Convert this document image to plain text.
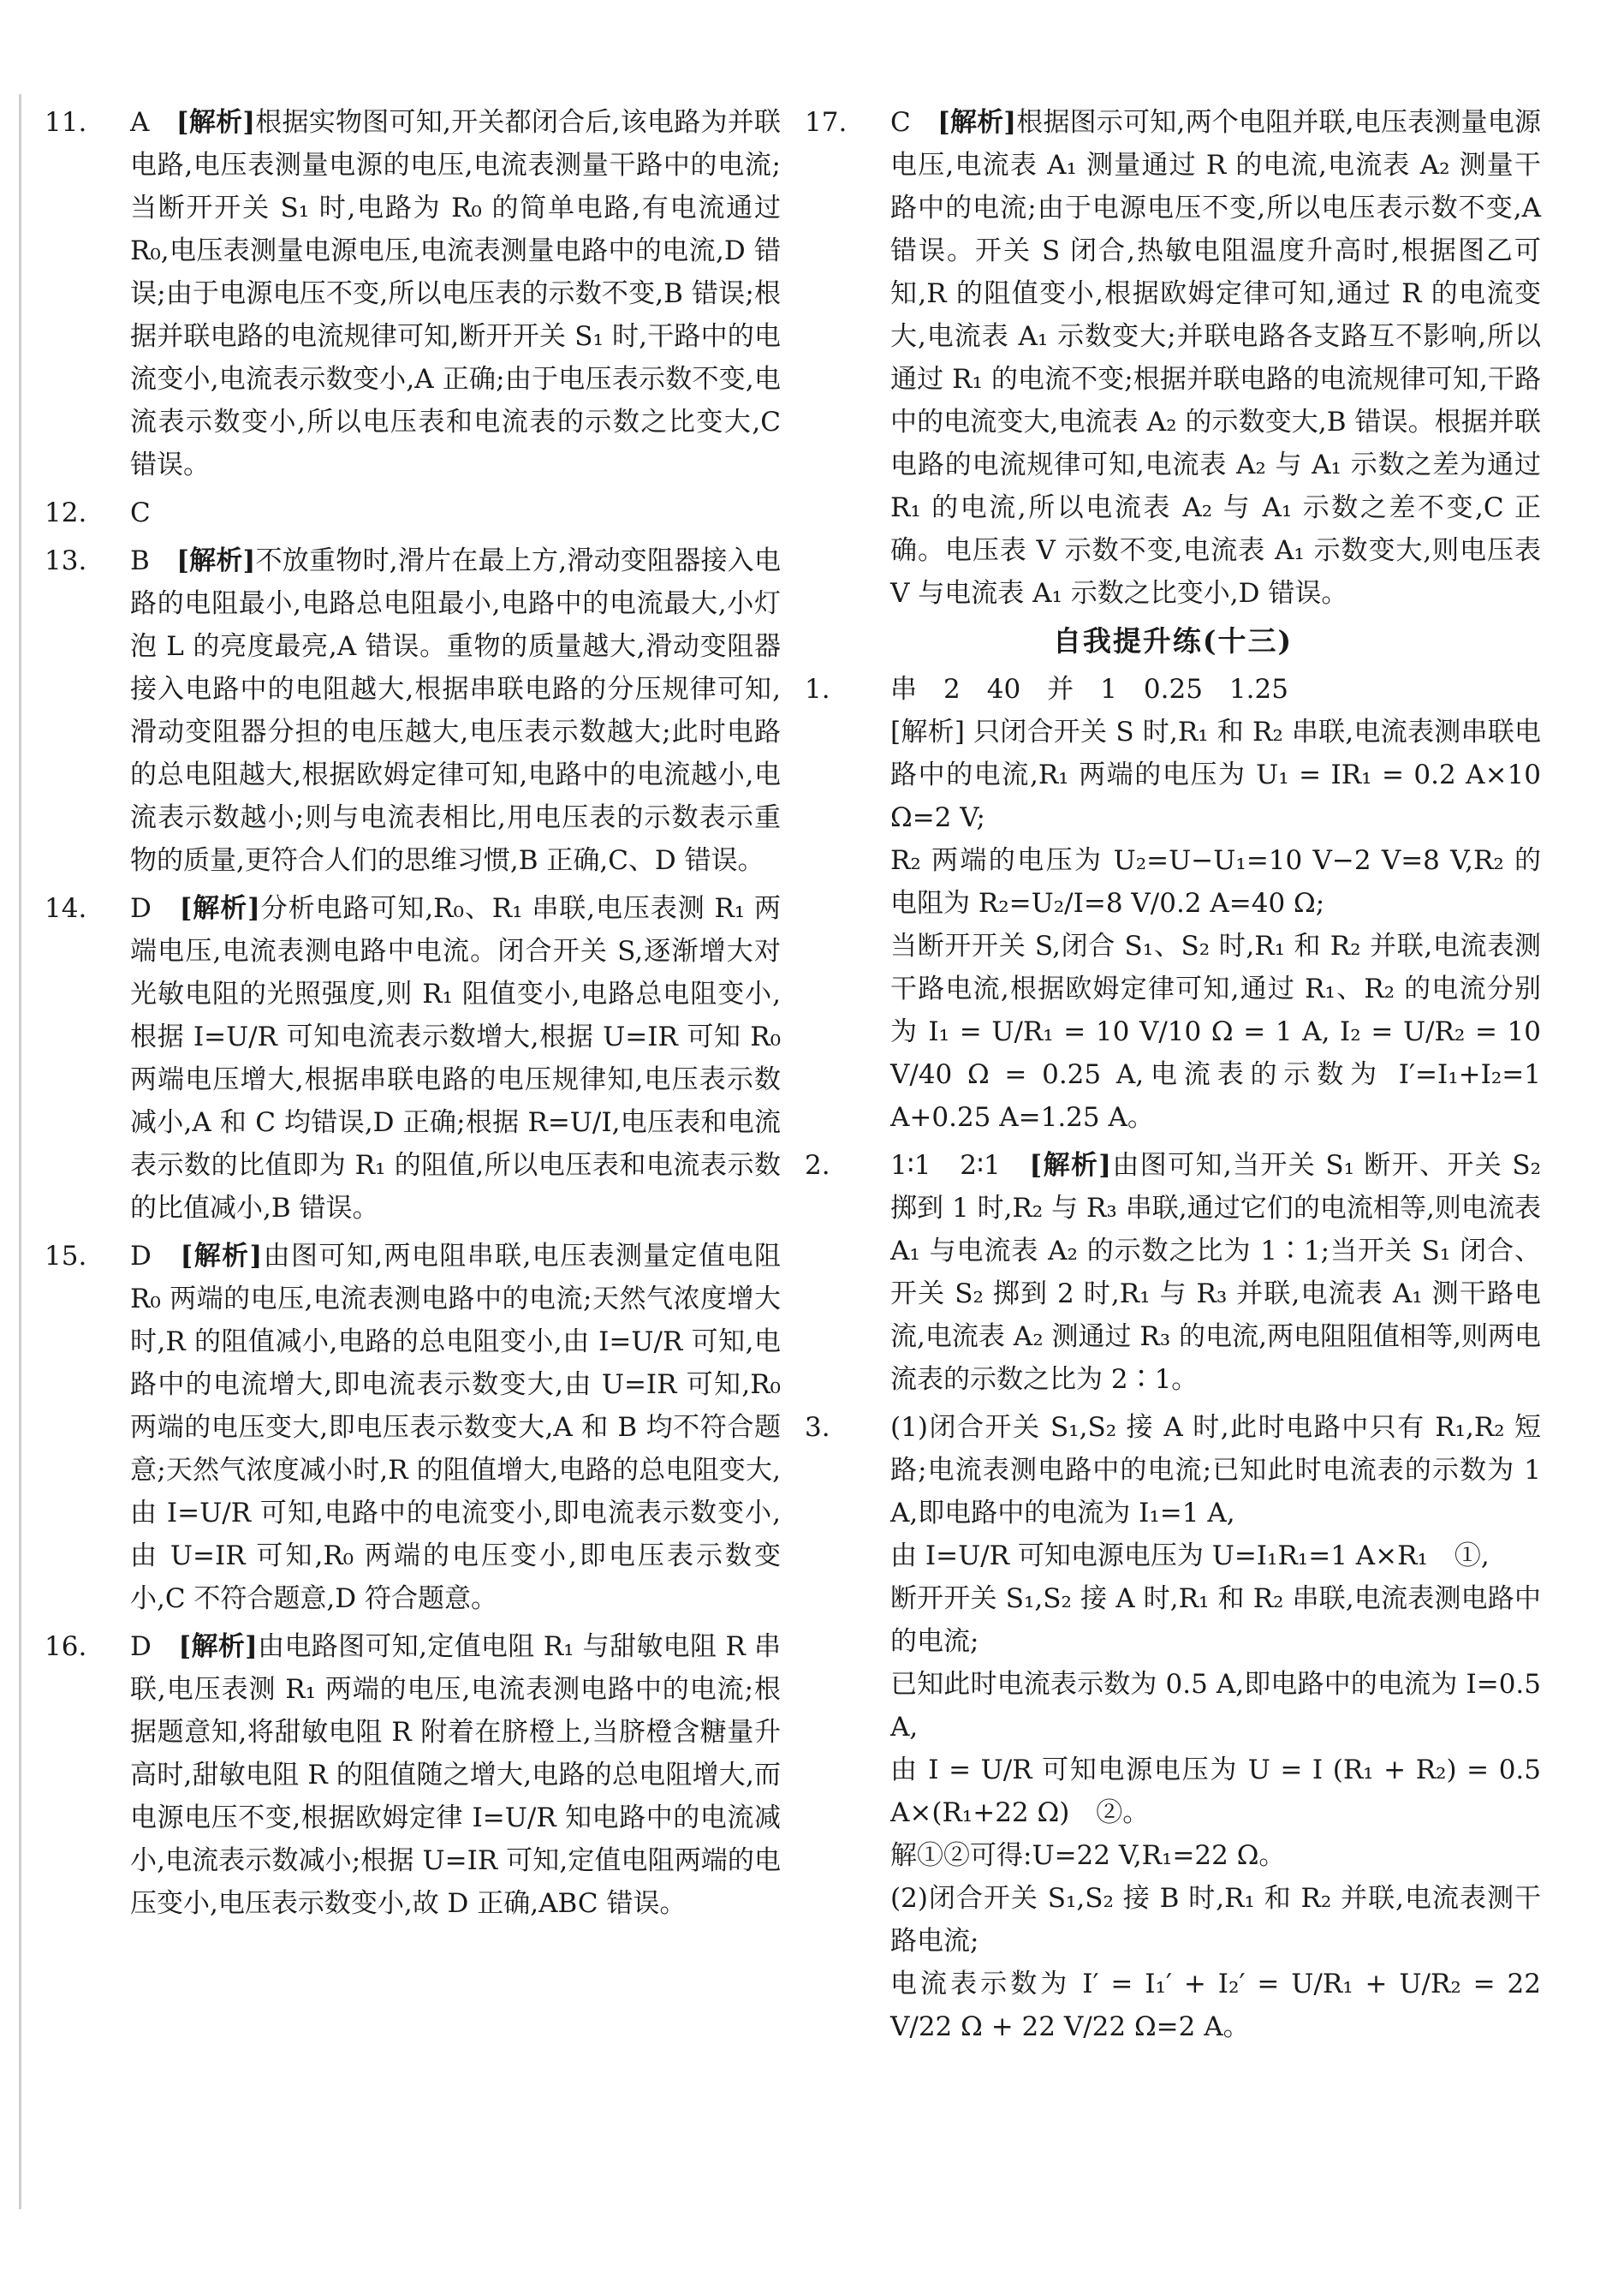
11.	A　 [解析]根据实物图可知,开关都闭合后,该电路为并联电路,电压表测量电源的电压,电流表测量干路中的电流;当断开开关 S₁ 时,电路为 R₀ 的简单电路,有电流通过 R₀,电压表测量电源电压,电流表测量电路中的电流,D 错误;由于电源电压不变,所以电压表的示数不变,B 错误;根据并联电路的电流规律可知,断开开关 S₁ 时,干路中的电流变小,电流表示数变小,A 正确;由于电压表示数不变,电流表示数变小,所以电压表和电流表的示数之比变大,C 错误。
12.	C
13.	B　 [解析]不放重物时,滑片在最上方,滑动变阻器接入电路的电阻最小,电路总电阻最小,电路中的电流最大,小灯泡 L 的亮度最亮,A 错误。重物的质量越大,滑动变阻器接入电路中的电阻越大,根据串联电路的分压规律可知,滑动变阻器分担的电压越大,电压表示数越大;此时电路的总电阻越大,根据欧姆定律可知,电路中的电流越小,电流表示数越小;则与电流表相比,用电压表的示数表示重物的质量,更符合人们的思维习惯,B 正确,C、D 错误。
14.	D　 [解析]分析电路可知,R₀、R₁ 串联,电压表测 R₁ 两端电压,电流表测电路中电流。闭合开关 S,逐渐增大对光敏电阻的光照强度,则 R₁ 阻值变小,电路总电阻变小,根据 I=U/R 可知电流表示数增大,根据 U=IR 可知 R₀ 两端电压增大,根据串联电路的电压规律知,电压表示数减小,A 和 C 均错误,D 正确;根据 R=U/I,电压表和电流表示数的比值即为 R₁ 的阻值,所以电压表和电流表示数的比值减小,B 错误。
15.	D　 [解析]由图可知,两电阻串联,电压表测量定值电阻 R₀ 两端的电压,电流表测电路中的电流;天然气浓度增大时,R 的阻值减小,电路的总电阻变小,由 I=U/R 可知,电路中的电流增大,即电流表示数变大,由 U=IR 可知,R₀ 两端的电压变大,即电压表示数变大,A 和 B 均不符合题意;天然气浓度减小时,R 的阻值增大,电路的总电阻变大,由 I=U/R 可知,电路中的电流变小,即电流表示数变小,由 U=IR 可知,R₀ 两端的电压变小,即电压表示数变小,C 不符合题意,D 符合题意。
16.	D　 [解析]由电路图可知,定值电阻 R₁ 与甜敏电阻 R 串联,电压表测 R₁ 两端的电压,电流表测电路中的电流;根据题意知,将甜敏电阻 R 附着在脐橙上,当脐橙含糖量升高时,甜敏电阻 R 的阻值随之增大,电路的总电阻增大,而电源电压不变,根据欧姆定律 I=U/R 知电路中的电流减小,电流表示数减小;根据 U=IR 可知,定值电阻两端的电压变小,电压表示数变小,故 D 正确,ABC 错误。
17.	C　 [解析]根据图示可知,两个电阻并联,电压表测量电源电压,电流表 A₁ 测量通过 R 的电流,电流表 A₂ 测量干路中的电流;由于电源电压不变,所以电压表示数不变,A 错误。开关 S 闭合,热敏电阻温度升高时,根据图乙可知,R 的阻值变小,根据欧姆定律可知,通过 R 的电流变大,电流表 A₁ 示数变大;并联电路各支路互不影响,所以通过 R₁ 的电流不变;根据并联电路的电流规律可知,干路中的电流变大,电流表 A₂ 的示数变大,B 错误。根据并联电路的电流规律可知,电流表 A₂ 与 A₁ 示数之差为通过 R₁ 的电流,所以电流表 A₂ 与 A₁ 示数之差不变,C 正确。电压表 V 示数不变,电流表 A₁ 示数变大,则电压表 V 与电流表 A₁ 示数之比变小,D 错误。
自我提升练(十三)
1.	串　2　40　并　1　0.25　1.25
[解析] 只闭合开关 S 时,R₁ 和 R₂ 串联,电流表测串联电路中的电流,R₁ 两端的电压为 U₁ = IR₁ = 0.2 A×10 Ω=2 V;
R₂ 两端的电压为 U₂=U−U₁=10 V−2 V=8 V,R₂ 的电阻为 R₂=U₂/I=8 V/0.2 A=40 Ω;
当断开开关 S,闭合 S₁、S₂ 时,R₁ 和 R₂ 并联,电流表测干路电流,根据欧姆定律可知,通过 R₁、R₂ 的电流分别为 I₁ = U/R₁ = 10 V/10 Ω = 1 A, I₂ = U/R₂ = 10 V/40 Ω = 0.25 A,电流表的示数为 I′=I₁+I₂=1 A+0.25 A=1.25 A。
2.	1∶1　2∶1　 [解析]由图可知,当开关 S₁ 断开、开关 S₂ 掷到 1 时,R₂ 与 R₃ 串联,通过它们的电流相等,则电流表 A₁ 与电流表 A₂ 的示数之比为 1∶1;当开关 S₁ 闭合、开关 S₂ 掷到 2 时,R₁ 与 R₃ 并联,电流表 A₁ 测干路电流,电流表 A₂ 测通过 R₃ 的电流,两电阻阻值相等,则两电流表的示数之比为 2∶1。
3.	(1)闭合开关 S₁,S₂ 接 A 时,此时电路中只有 R₁,R₂ 短路;电流表测电路中的电流;已知此时电流表的示数为 1 A,即电路中的电流为 I₁=1 A,
由 I=U/R 可知电源电压为 U=I₁R₁=1 A×R₁　①,
断开开关 S₁,S₂ 接 A 时,R₁ 和 R₂ 串联,电流表测电路中的电流;
已知此时电流表示数为 0.5 A,即电路中的电流为 I=0.5 A,
由 I = U/R 可知电源电压为 U = I (R₁ + R₂) = 0.5 A×(R₁+22 Ω)　②。
解①②可得:U=22 V,R₁=22 Ω。
(2)闭合开关 S₁,S₂ 接 B 时,R₁ 和 R₂ 并联,电流表测干路电流;
电流表示数为 I′ = I₁′ + I₂′ = U/R₁ + U/R₂ = 22 V/22 Ω + 22 V/22 Ω=2 A。
